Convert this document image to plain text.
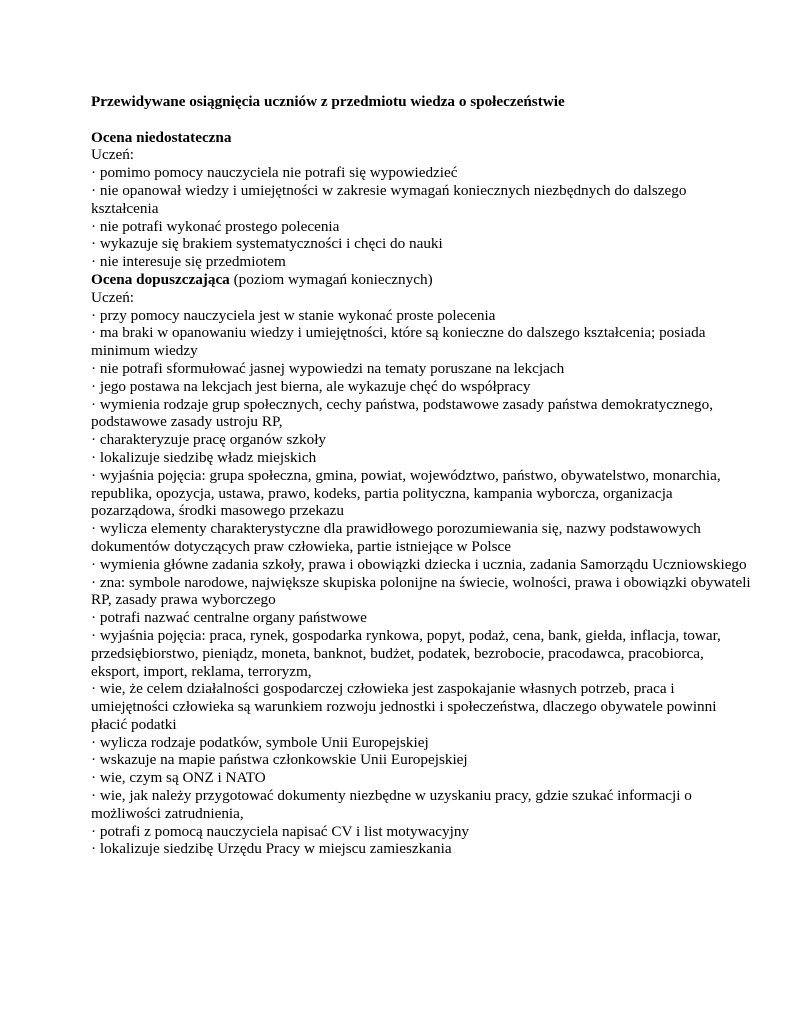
Przewidywane osiągnięcia uczniów z przedmiotu wiedza o społeczeństwie

Ocena niedostateczna

Uczeń:

· pomimo pomocy nauczyciela nie potrafi się wypowiedzieć
· nie opanował wiedzy i umiejętności w zakresie wymagań koniecznych niezbędnych do dalszego kształcenia
· nie potrafi wykonać prostego polecenia
· wykazuje się brakiem systematyczności i chęci do nauki
· nie interesuje się przedmiotem

Ocena dopuszczająca (poziom wymagań koniecznych)

Uczeń:

· przy pomocy nauczyciela jest w stanie wykonać proste polecenia
· ma braki w opanowaniu wiedzy i umiejętności, które są konieczne do dalszego kształcenia; posiada minimum wiedzy
· nie potrafi sformułować jasnej wypowiedzi na tematy poruszane na lekcjach
· jego postawa na lekcjach jest bierna, ale wykazuje chęć do współpracy
· wymienia rodzaje grup społecznych, cechy państwa, podstawowe zasady państwa demokratycznego, podstawowe zasady ustroju RP,
· charakteryzuje pracę organów szkoły
· lokalizuje siedzibę władz miejskich
· wyjaśnia pojęcia: grupa społeczna, gmina, powiat, województwo, państwo, obywatelstwo, monarchia, republika, opozycja, ustawa, prawo, kodeks, partia polityczna, kampania wyborcza, organizacja pozarządowa, środki masowego przekazu
· wylicza elementy charakterystyczne dla prawidłowego porozumiewania się, nazwy podstawowych dokumentów dotyczących praw człowieka, partie istniejące w Polsce
· wymienia główne zadania szkoły, prawa i obowiązki dziecka i ucznia, zadania Samorządu Uczniowskiego
· zna: symbole narodowe, największe skupiska polonijne na świecie, wolności, prawa i obowiązki obywateli RP, zasady prawa wyborczego
· potrafi nazwać centralne organy państwowe
· wyjaśnia pojęcia: praca, rynek, gospodarka rynkowa, popyt, podaż, cena, bank, giełda, inflacja, towar, przedsiębiorstwo, pieniądz, moneta, banknot, budżet, podatek, bezrobocie, pracodawca, pracobiorca, eksport, import, reklama, terroryzm,
· wie, że celem działalności gospodarczej człowieka jest zaspokajanie własnych potrzeb, praca i umiejętności człowieka są warunkiem rozwoju jednostki i społeczeństwa, dlaczego obywatele powinni płacić podatki
· wylicza rodzaje podatków, symbole Unii Europejskiej
· wskazuje na mapie państwa członkowskie Unii Europejskiej
· wie, czym są ONZ i NATO
· wie, jak należy przygotować dokumenty niezbędne w uzyskaniu pracy, gdzie szukać informacji o możliwości zatrudnienia,
· potrafi z pomocą nauczyciela napisać CV i list motywacyjny
· lokalizuje siedzibę Urzędu Pracy w miejscu zamieszkania
